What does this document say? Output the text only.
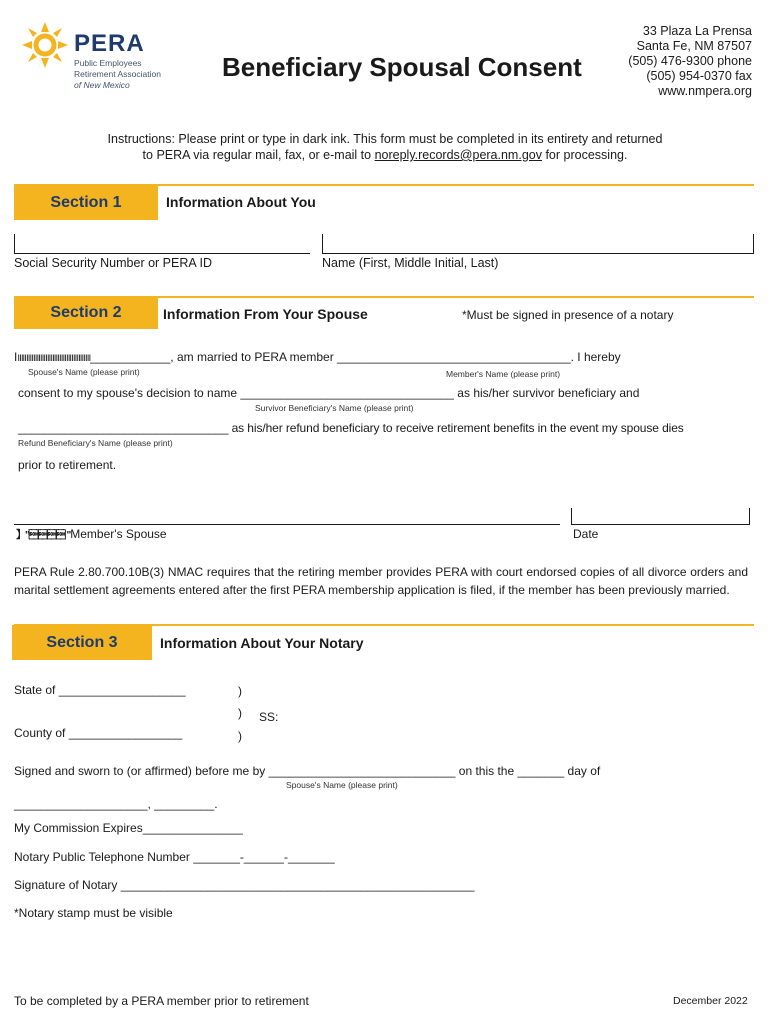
PERA
Public Employees
Retirement Association
of New Mexico
Beneficiary Spousal Consent
33 Plaza La Prensa
Santa Fe, NM 87507
(505) 476-9300 phone
(505) 954-0370 fax
www.nmpera.org
Instructions: Please print or type in dark ink. This form must be completed in its entirety and returned
to PERA via regular mail, fax, or e-mail to noreply.records@pera.nm.gov for processing.
Section 1	Information About You
Social Security Number or PERA ID	Name (First, Middle Initial, Last)
Section 2	Information From Your Spouse	*Must be signed in presence of a notary
IⅢⅢⅢⅢⅢⅢⅢⅢⅢⅢⅢⅢⅢⅢ____________, am married to PERA member ___________________________________. I hereby
Spouse's Name (please print)	Member's Name (please print)
consent to my spouse's decision to name ________________________________ as his/her survivor beneficiary and
Survivor Beneficiary's Name (please print)
________________________________ as his/her refund beneficiary to receive retirement benefits in the event my spouse dies
Refund Beneficiary's Name (please print)
prior to retirement.
】" "Member's Spouse	Date
PERA Rule 2.80.700.10B(3) NMAC requires that the retiring member provides PERA with court endorsed copies of all divorce orders and marital settlement agreements entered after the first PERA membership application is filed, if the member has been previously married.
Section 3	Information About Your Notary
State of ___________________	)
) SS:
County of _________________	)
Signed and sworn to (or affirmed) before me by ____________________________ on this the _______ day of
Spouse's Name (please print)
____________________, _________.
My Commission Expires_______________
Notary Public Telephone Number _______-______-_______
Signature of Notary _____________________________________________________
*Notary stamp must be visible
To be completed by a PERA member prior to retirement	December 2022
